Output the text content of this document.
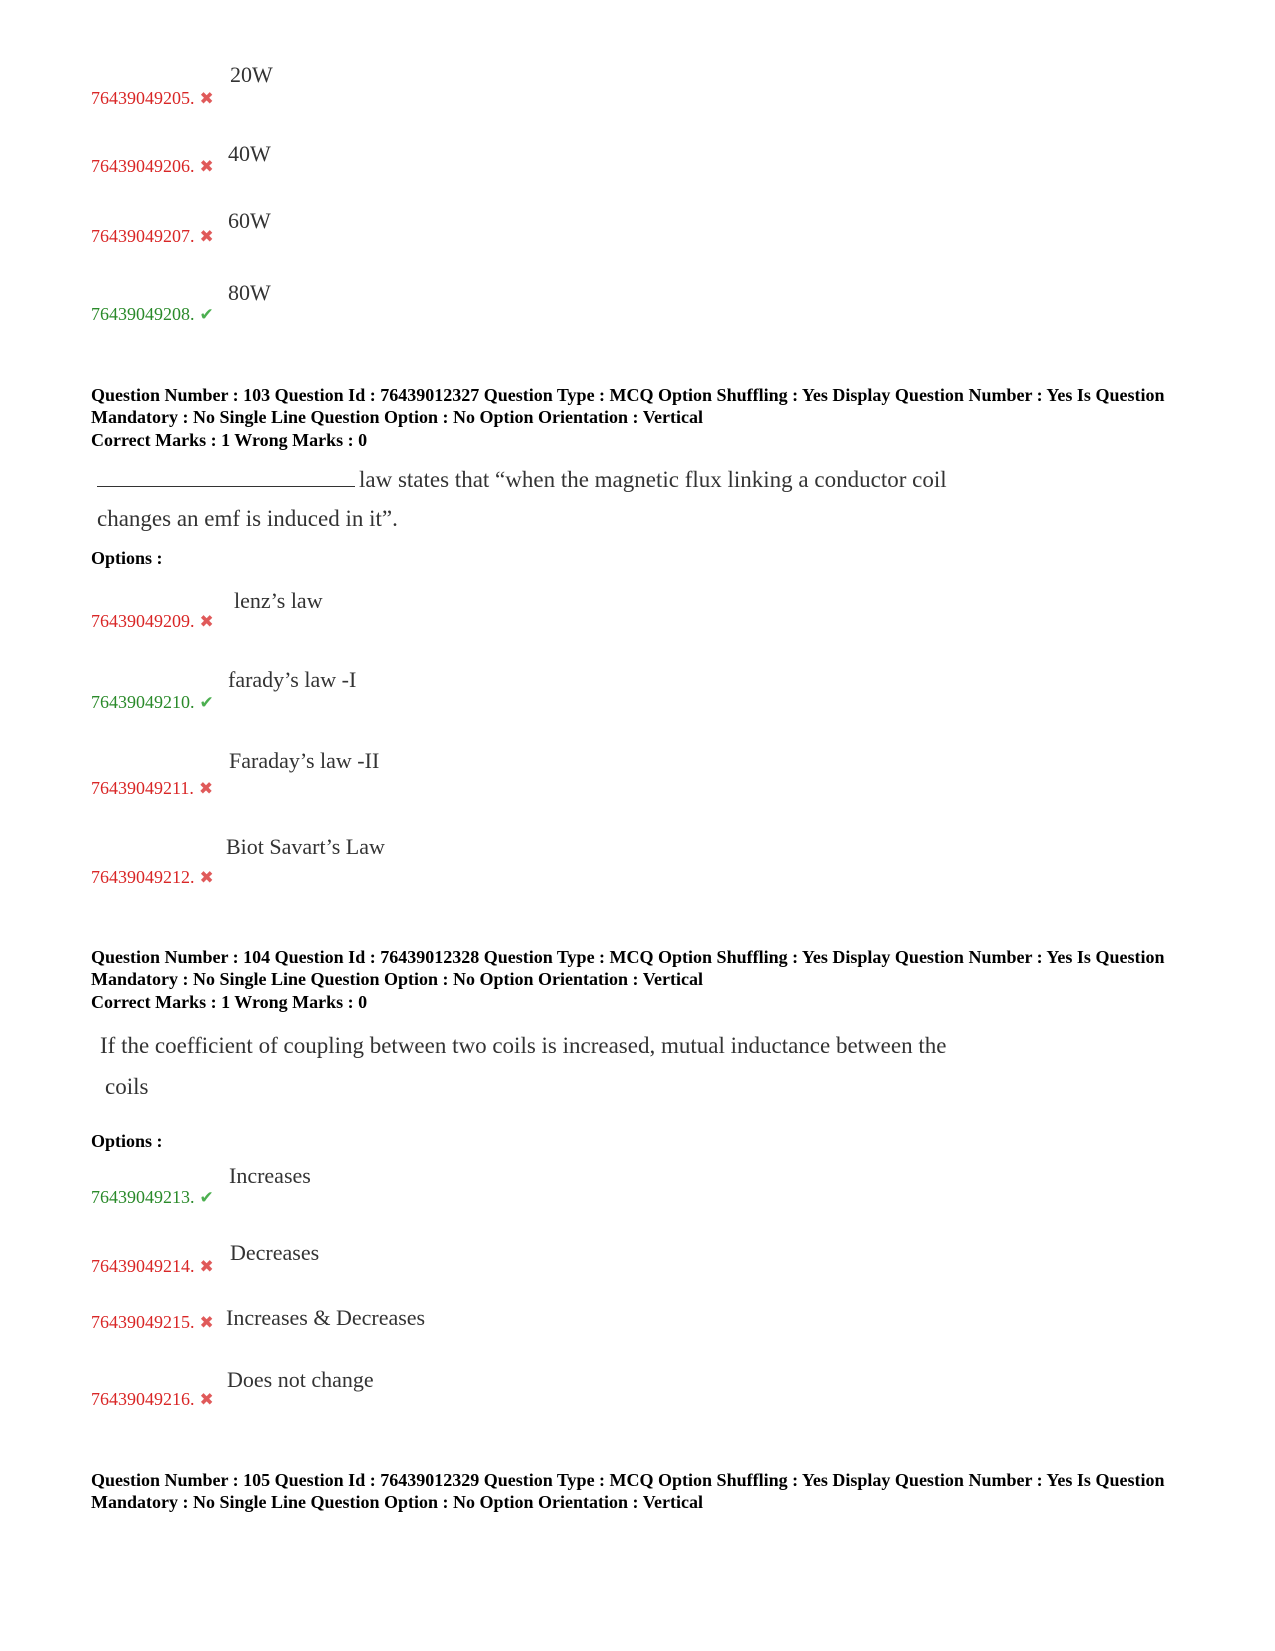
76439049205. ✖
20W
76439049206. ✖
40W
76439049207. ✖
60W
76439049208. ✔
80W
Question Number : 103 Question Id : 76439012327 Question Type : MCQ Option Shuffling : Yes Display Question Number : Yes Is Question Mandatory : No Single Line Question Option : No Option Orientation : Vertical
Correct Marks : 1 Wrong Marks : 0
law states that “when the magnetic flux linking a conductor coil
changes an emf is induced in it”.
Options :
76439049209. ✖
lenz’s law
76439049210. ✔
farady’s law -I
76439049211. ✖
Faraday’s law -II
76439049212. ✖
Biot Savart’s Law
Question Number : 104 Question Id : 76439012328 Question Type : MCQ Option Shuffling : Yes Display Question Number : Yes Is Question Mandatory : No Single Line Question Option : No Option Orientation : Vertical
Correct Marks : 1 Wrong Marks : 0
If the coefficient of coupling between two coils is increased, mutual inductance between the
coils
Options :
76439049213. ✔
Increases
76439049214. ✖
Decreases
76439049215. ✖ Increases & Decreases
76439049216. ✖
Does not change
Question Number : 105 Question Id : 76439012329 Question Type : MCQ Option Shuffling : Yes Display Question Number : Yes Is Question Mandatory : No Single Line Question Option : No Option Orientation : Vertical
